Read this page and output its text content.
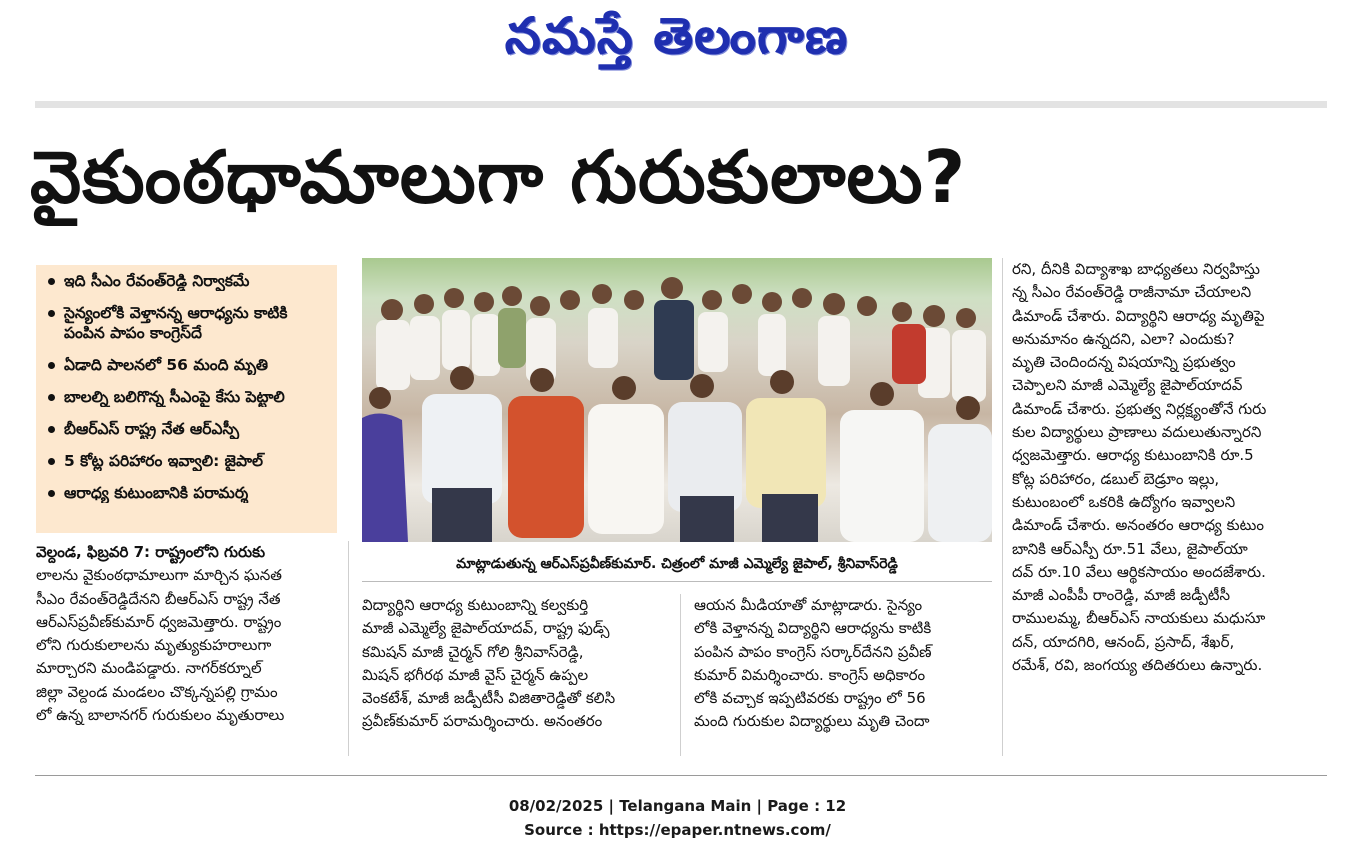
నమస్తే తెలంగాణ
వైకుంఠధామాలుగా గురుకులాలు?
ఇది సీఎం రేవంత్‌రెడ్డి నిర్వాకమే
సైన్యంలోకి వెళ్తానన్న ఆరాధ్యను కాటికి పంపిన పాపం కాంగ్రెస్‌దే
ఏడాది పాలనలో 56 మంది మృతి
బాలల్ని బలిగొన్న సీఎంపై కేసు పెట్టాలి
బీఆర్‌ఎస్‌ రాష్ట్ర నేత ఆర్‌ఎస్పీ
5 కోట్ల పరిహారం ఇవ్వాలి: జైపాల్‌
ఆరాధ్య కుటుంబానికి పరామర్శ
మాట్లాడుతున్న ఆర్‌ఎస్‌ప్రవీణ్‌కుమార్‌. చిత్రంలో మాజీ ఎమ్మెల్యే జైపాల్‌, శ్రీనివాస్‌రెడ్డి
వెల్దండ, ఫిబ్రవరి 7: రాష్ట్రంలోని గురుకు
లాలను వైకుంఠధామాలుగా మార్చిన ఘనత
సీఎం రేవంత్‌రెడ్డిదేనని బీఆర్‌ఎస్‌ రాష్ట్ర నేత
ఆర్‌ఎస్‌ప్రవీణ్‌కుమార్‌ ధ్వజమెత్తారు. రాష్ట్రం
లోని గురుకులాలను మృత్యుకుహరాలుగా
మార్చారని మండిపడ్డారు. నాగర్‌కర్నూల్‌
జిల్లా వెల్దండ మండలం చొక్కన్నపల్లి గ్రామం
లో ఉన్న బాలానగర్‌ గురుకులం మృతురాలు
విద్యార్థిని ఆరాధ్య కుటుంబాన్ని కల్వకుర్తి
మాజీ ఎమ్మెల్యే జైపాల్‌యాదవ్‌, రాష్ట్ర ఫుడ్స్‌
కమిషన్‌ మాజీ చైర్మన్‌ గోలి శ్రీనివాస్‌రెడ్డి,
మిషన్‌ భగీరథ మాజీ వైస్‌ చైర్మన్‌ ఉప్పల
వెంకటేశ్‌, మాజీ జడ్పీటీసీ విజితారెడ్డితో కలిసి
ప్రవీణ్‌కుమార్‌ పరామర్శించారు. అనంతరం
ఆయన మీడియాతో మాట్లాడారు. సైన్యం
లోకి వెళ్తానన్న విద్యార్థిని ఆరాధ్యను కాటికి
పంపిన పాపం కాంగ్రెస్‌ సర్కార్‌దేనని ప్రవీణ్‌
కుమార్‌ విమర్శించారు. కాంగ్రెస్‌ అధికారం
లోకి వచ్చాక ఇప్పటివరకు రాష్ట్రం లో 56
మంది గురుకుల విద్యార్థులు మృతి చెందా
రని, దీనికి విద్యాశాఖ బాధ్యతలు నిర్వహిస్తు
న్న సీఎం రేవంత్‌రెడ్డి రాజీనామా చేయాలని
డిమాండ్‌ చేశారు. విద్యార్థిని ఆరాధ్య మృతిపై
అనుమానం ఉన్నదని, ఎలా? ఎందుకు?
మృతి చెందిందన్న విషయాన్ని ప్రభుత్వం
చెప్పాలని మాజీ ఎమ్మెల్యే జైపాల్‌యాదవ్‌
డిమాండ్‌ చేశారు. ప్రభుత్వ నిర్లక్ష్యంతోనే గురు
కుల విద్యార్థులు ప్రాణాలు వదులుతున్నారని
ధ్వజమెత్తారు. ఆరాధ్య కుటుంబానికి రూ.5
కోట్ల పరిహారం, డబుల్‌ బెడ్రూం ఇల్లు,
కుటుంబంలో ఒకరికి ఉద్యోగం ఇవ్వాలని
డిమాండ్‌ చేశారు. అనంతరం ఆరాధ్య కుటుం
బానికి ఆర్‌ఎస్పీ రూ.51 వేలు, జైపాల్‌యా
దవ్‌ రూ.10 వేలు ఆర్థికసాయం అందజేశారు.
మాజీ ఎంపీపీ రాంరెడ్డి, మాజీ జడ్పీటీసీ
రాములమ్మ, బీఆర్‌ఎస్‌ నాయకులు మధుసూ
దన్‌, యాదగిరి, ఆనంద్‌, ప్రసాద్‌, శేఖర్‌,
రమేశ్‌, రవి, జంగయ్య తదితరులు ఉన్నారు.
08/02/2025 | Telangana Main | Page : 12
Source : https://epaper.ntnews.com/
